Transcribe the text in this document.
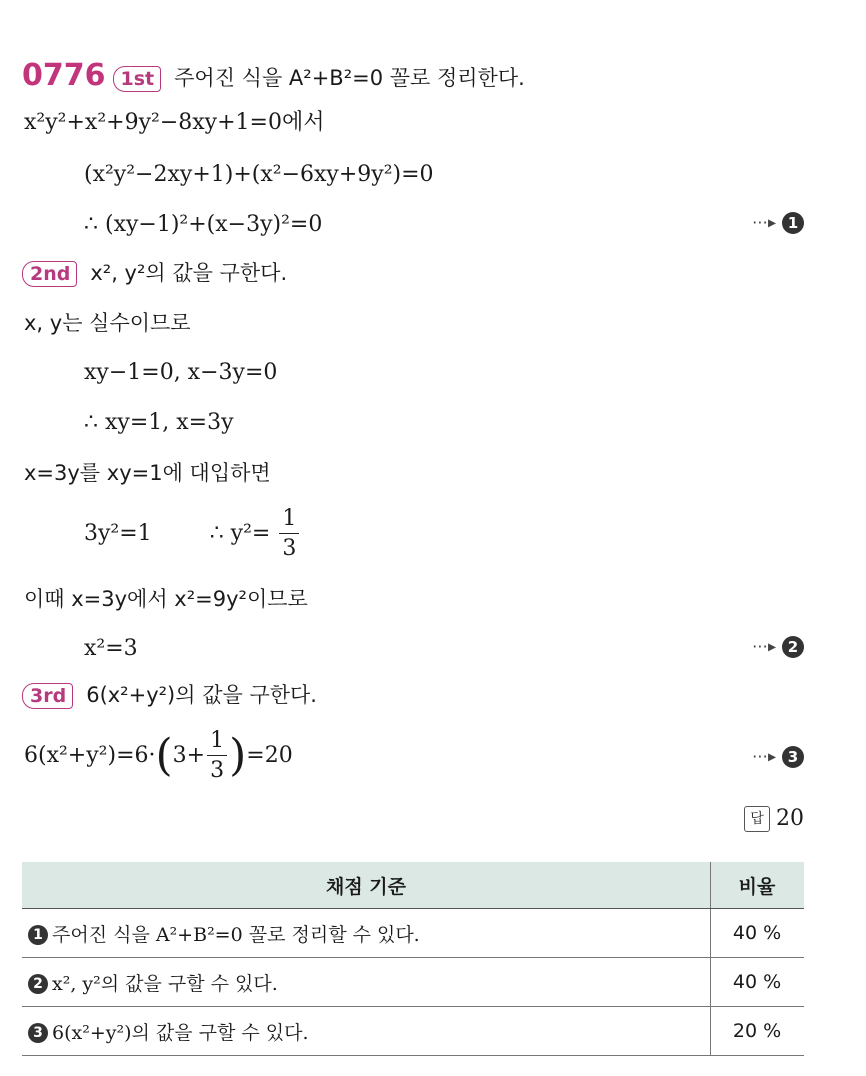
0776 1st 주어진 식을 A²+B²=0 꼴로 정리한다.
x²y²+x²+9y²−8xy+1=0에서
(x²y²−2xy+1)+(x²−6xy+9y²)=0
∴ (xy−1)²+(x−3y)²=0	⋯▸ 1
2nd x², y²의 값을 구한다.
x, y는 실수이므로
xy−1=0, x−3y=0
∴ xy=1, x=3y
x=3y를 xy=1에 대입하면
3y²=1	∴ $y^2= \frac{1}{3}$
이때 x=3y에서 x²=9y²이므로
x²=3	⋯▸ 2
3rd 6(x²+y²)의 값을 구한다.
$6(x^2+y^2)=6\cdot(3+ \frac{1}{3} )=20$	⋯▸ 3
답 20
채점 기준	비율
1 주어진 식을 A²+B²=0 꼴로 정리할 수 있다.	40 %
2 x², y²의 값을 구할 수 있다.	40 %
3 6(x²+y²)의 값을 구할 수 있다.	20 %
